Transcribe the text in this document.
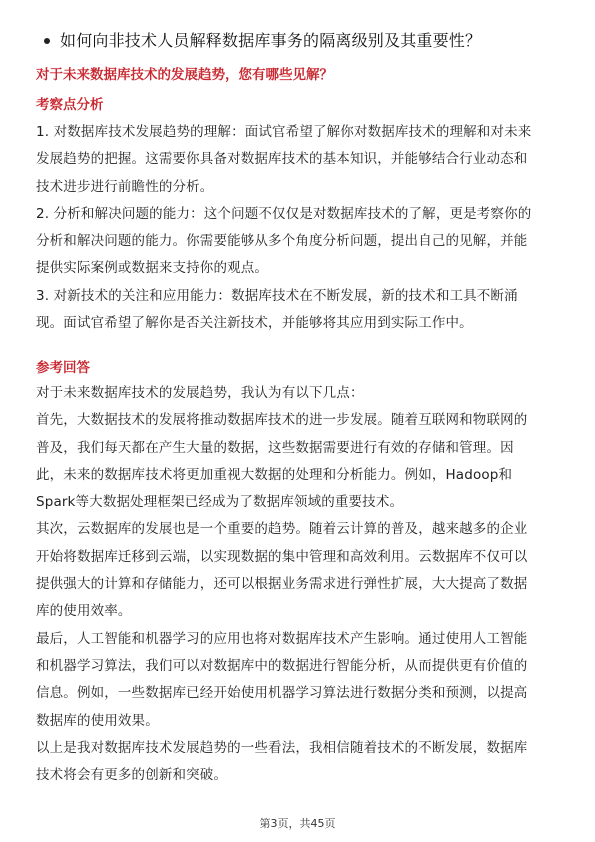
如何向非技术人员解释数据库事务的隔离级别及其重要性？
对于未来数据库技术的发展趋势，您有哪些见解？
考察点分析
1. 对数据库技术发展趋势的理解：面试官希望了解你对数据库技术的理解和对未来
发展趋势的把握。这需要你具备对数据库技术的基本知识，并能够结合行业动态和
技术进步进行前瞻性的分析。
2. 分析和解决问题的能力：这个问题不仅仅是对数据库技术的了解，更是考察你的
分析和解决问题的能力。你需要能够从多个角度分析问题，提出自己的见解，并能
提供实际案例或数据来支持你的观点。
3. 对新技术的关注和应用能力：数据库技术在不断发展，新的技术和工具不断涌
现。面试官希望了解你是否关注新技术，并能够将其应用到实际工作中。
参考回答
对于未来数据库技术的发展趋势，我认为有以下几点：
首先，大数据技术的发展将推动数据库技术的进一步发展。随着互联网和物联网的
普及，我们每天都在产生大量的数据，这些数据需要进行有效的存储和管理。因
此，未来的数据库技术将更加重视大数据的处理和分析能力。例如，Hadoop和
Spark等大数据处理框架已经成为了数据库领域的重要技术。
其次，云数据库的发展也是一个重要的趋势。随着云计算的普及，越来越多的企业
开始将数据库迁移到云端，以实现数据的集中管理和高效利用。云数据库不仅可以
提供强大的计算和存储能力，还可以根据业务需求进行弹性扩展，大大提高了数据
库的使用效率。
最后，人工智能和机器学习的应用也将对数据库技术产生影响。通过使用人工智能
和机器学习算法，我们可以对数据库中的数据进行智能分析，从而提供更有价值的
信息。例如，一些数据库已经开始使用机器学习算法进行数据分类和预测，以提高
数据库的使用效果。
以上是我对数据库技术发展趋势的一些看法，我相信随着技术的不断发展，数据库
技术将会有更多的创新和突破。
第3页，共45页
